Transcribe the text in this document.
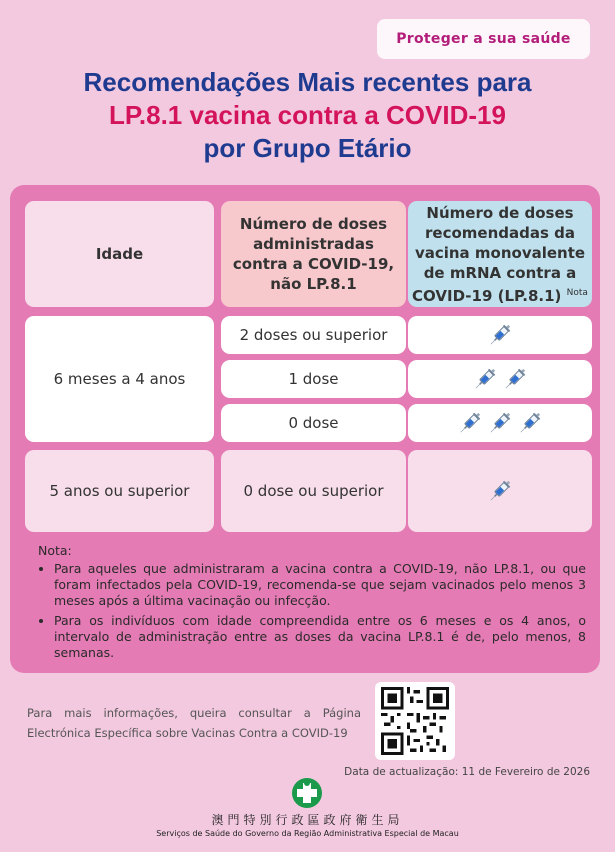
Proteger a sua saúde
Recomendações Mais recentes para
LP.8.1 vacina contra a COVID-19
por Grupo Etário
Idade
Número de doses administradas contra a COVID-19, não LP.8.1
Número de doses recomendadas da vacina monovalente de mRNA contra a COVID-19 (LP.8.1) $^{Nota}$
6 meses a 4 anos
2 doses ou superior
1 dose
0 dose
5 anos ou superior	0 dose ou superior
Nota:
• Para aqueles que administraram a vacina contra a COVID-19, não LP.8.1, ou que foram infectados pela COVID-19, recomenda-se que sejam vacinados pelo menos 3 meses após a última vacinação ou infecção.
• Para os indivíduos com idade compreendida entre os 6 meses e os 4 anos, o intervalo de administração entre as doses da vacina LP.8.1 é de, pelo menos, 8 semanas.
Para mais informações, queira consultar a Página Electrónica Específica sobre Vacinas Contra a COVID-19
Data de actualização: 11 de Fevereiro de 2026
澳門特別行政區政府衛生局
Serviços de Saúde do Governo da Região Administrativa Especial de Macau
